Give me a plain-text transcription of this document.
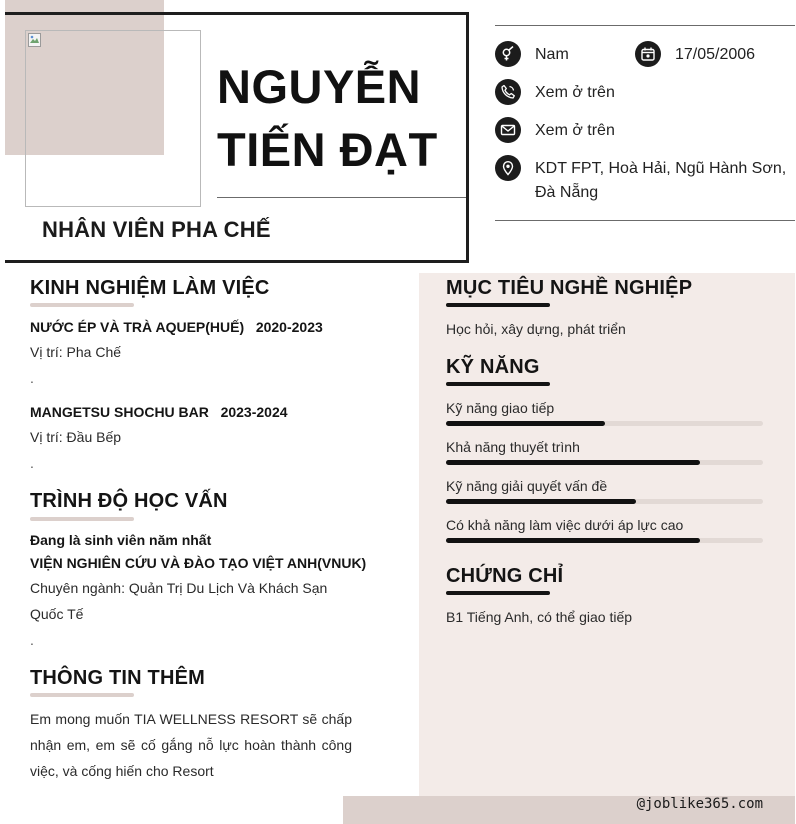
NGUYỄN
TIẾN ĐẠT
NHÂN VIÊN PHA CHẾ
Nam	17/05/2006
Xem ở trên
Xem ở trên
KDT FPT, Hoà Hải, Ngũ Hành Sơn,
Đà Nẵng
@joblike365.com
KINH NGHIỆM LÀM VIỆC
NƯỚC ÉP VÀ TRÀ AQUEP(HUẾ) 2020-2023
Vị trí: Pha Chế
.
MANGETSU SHOCHU BAR 2023-2024
Vị trí: Đầu Bếp
.
TRÌNH ĐỘ HỌC VẤN
Đang là sinh viên năm nhất
VIỆN NGHIÊN CỨU VÀ ĐÀO TẠO VIỆT ANH(VNUK)
Chuyên ngành: Quản Trị Du Lịch Và Khách Sạn Quốc Tế
.
THÔNG TIN THÊM
Em mong muốn TIA WELLNESS RESORT sẽ chấp nhận em, em sẽ cố gắng nỗ lực hoàn thành công việc, và cống hiến cho Resort
MỤC TIÊU NGHỀ NGHIỆP
Học hỏi, xây dựng, phát triển
KỸ NĂNG
Kỹ năng giao tiếp
Khả năng thuyết trình
Kỹ năng giải quyết vấn đề
Có khả năng làm việc dưới áp lực cao
CHỨNG CHỈ
B1 Tiếng Anh, có thể giao tiếp
